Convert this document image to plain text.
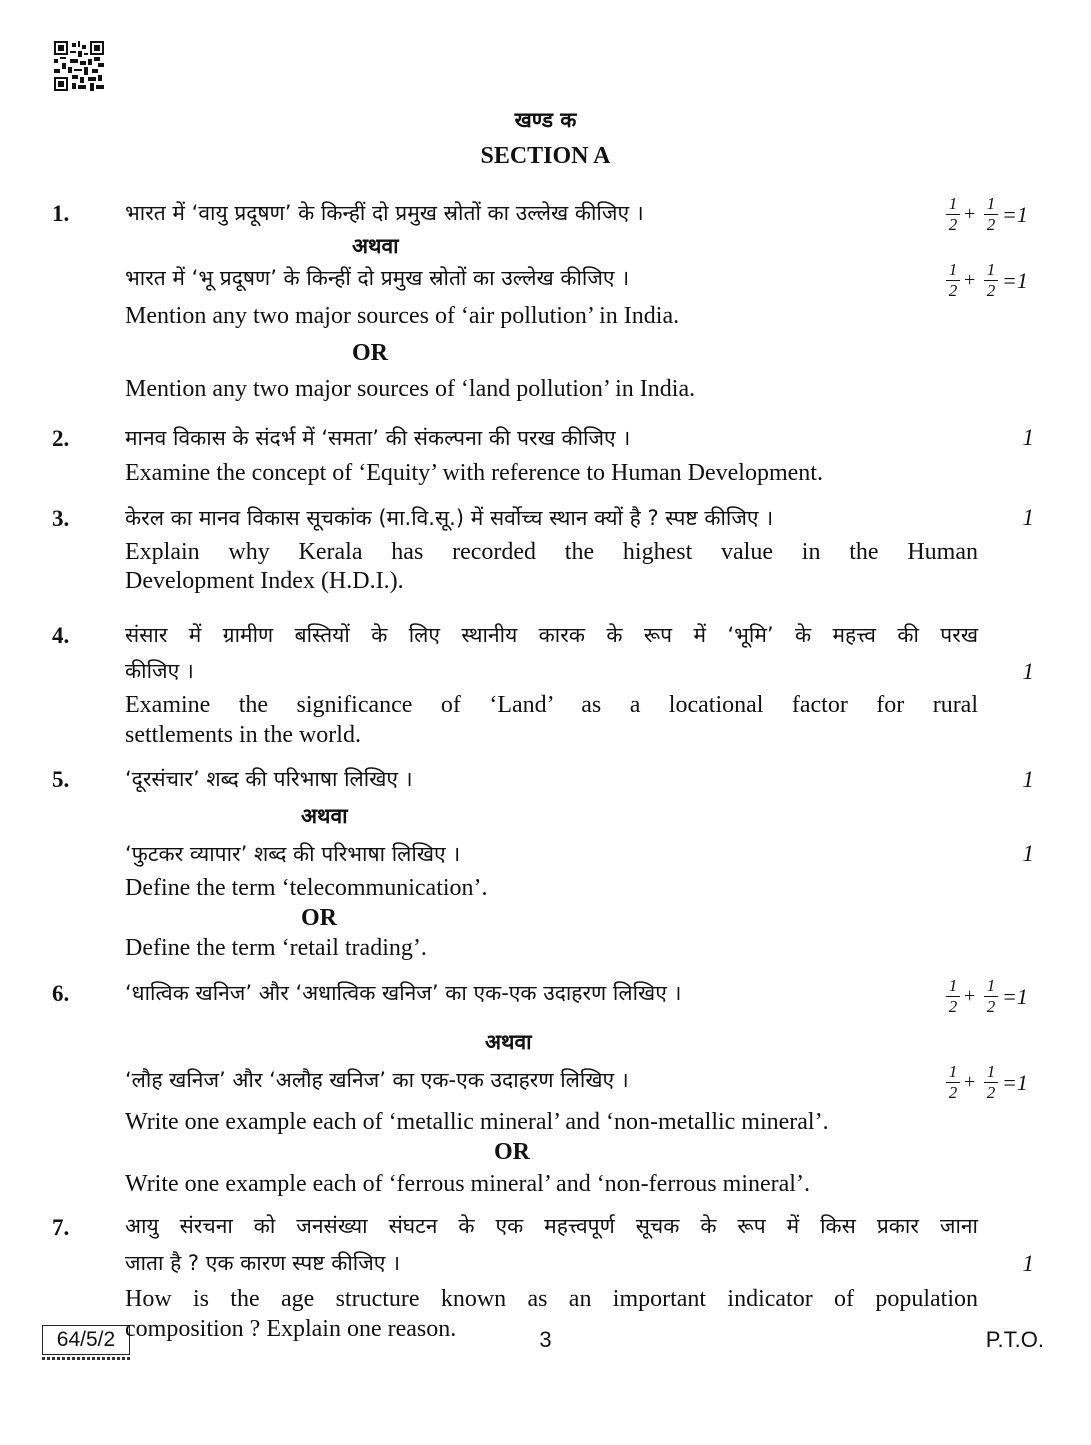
खण्ड क
SECTION A
1.	भारत में ‘वायु प्रदूषण’ के किन्हीं दो प्रमुख स्रोतों का उल्लेख कीजिए ।	1
2 + 1
2 =1
अथवा
भारत में ‘भू प्रदूषण’ के किन्हीं दो प्रमुख स्रोतों का उल्लेख कीजिए ।	1
2 + 1
2 =1
Mention any two major sources of ‘air pollution’ in India.
OR
Mention any two major sources of ‘land pollution’ in India.
2.	मानव विकास के संदर्भ में ‘समता’ की संकल्पना की परख कीजिए ।	1
Examine the concept of ‘Equity’ with reference to Human Development.
3.	केरल का मानव विकास सूचकांक (मा.वि.सू.) में सर्वोच्च स्थान क्यों है ? स्पष्ट कीजिए ।	1
Explain why Kerala has recorded the highest value in the Human
Development Index (H.D.I.).
4.	संसार में ग्रामीण बस्तियों के लिए स्थानीय कारक के रूप में ‘भूमि’ के महत्त्व की परख
कीजिए ।	1
Examine the significance of ‘Land’ as a locational factor for rural
settlements in the world.
5.	‘दूरसंचार’ शब्द की परिभाषा लिखिए ।	1
अथवा
‘फुटकर व्यापार’ शब्द की परिभाषा लिखिए ।	1
Define the term ‘telecommunication’.
OR
Define the term ‘retail trading’.
6.	‘धात्विक खनिज’ और ‘अधात्विक खनिज’ का एक-एक उदाहरण लिखिए ।	1
2 + 1
2 =1
अथवा
‘लौह खनिज’ और ‘अलौह खनिज’ का एक-एक उदाहरण लिखिए ।	1
2 + 1
2 =1
Write one example each of ‘metallic mineral’ and ‘non-metallic mineral’.
OR
Write one example each of ‘ferrous mineral’ and ‘non-ferrous mineral’.
7.	आयु संरचना को जनसंख्या संघटन के एक महत्त्वपूर्ण सूचक के रूप में किस प्रकार जाना
जाता है ? एक कारण स्पष्ट कीजिए ।	1
How is the age structure known as an important indicator of population
composition ? Explain one reason.
64/5/2	3	P.T.O.
